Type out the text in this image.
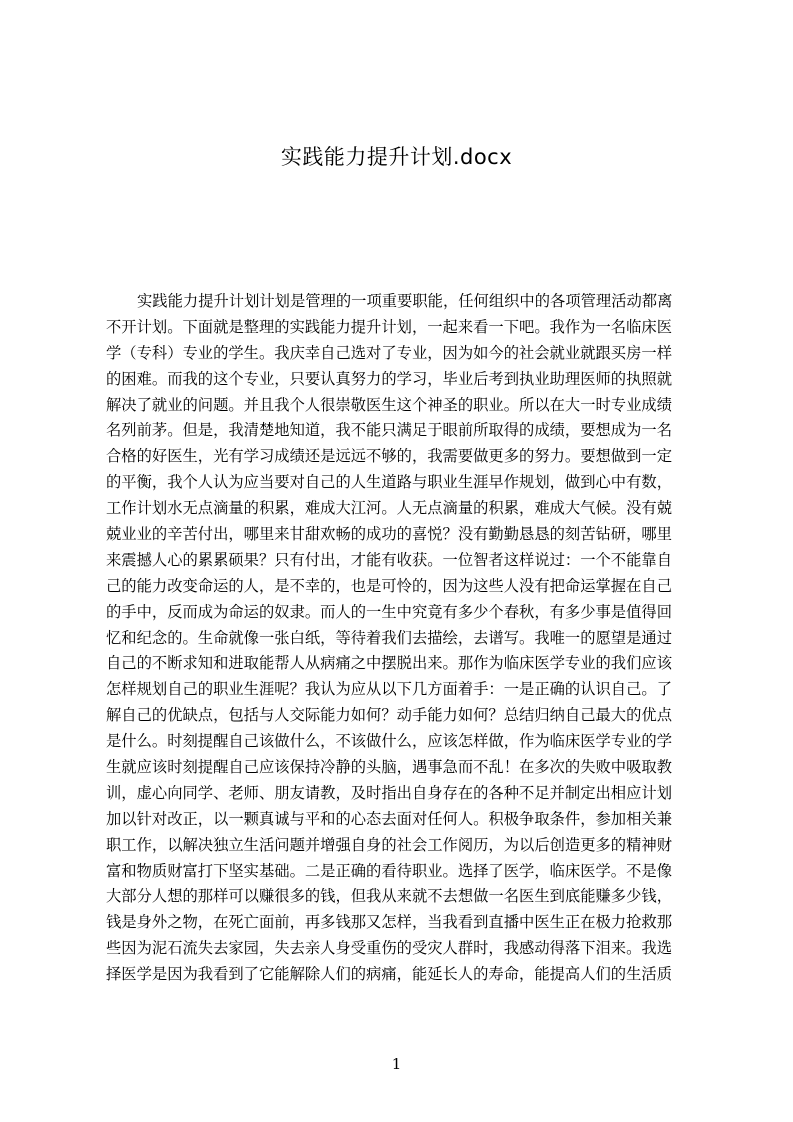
实践能力提升计划.docx
实践能力提升计划计划是管理的一项重要职能，任何组织中的各项管理活动都离
不开计划。下面就是整理的实践能力提升计划，一起来看一下吧。我作为一名临床医
学（专科）专业的学生。我庆幸自己选对了专业，因为如今的社会就业就跟买房一样
的困难。而我的这个专业，只要认真努力的学习，毕业后考到执业助理医师的执照就
解决了就业的问题。并且我个人很崇敬医生这个神圣的职业。所以在大一时专业成绩
名列前茅。但是，我清楚地知道，我不能只满足于眼前所取得的成绩，要想成为一名
合格的好医生，光有学习成绩还是远远不够的，我需要做更多的努力。要想做到一定
的平衡，我个人认为应当要对自己的人生道路与职业生涯早作规划，做到心中有数，
工作计划水无点滴量的积累，难成大江河。人无点滴量的积累，难成大气候。没有兢
兢业业的辛苦付出，哪里来甘甜欢畅的成功的喜悦？没有勤勤恳恳的刻苦钻研，哪里
来震撼人心的累累硕果？只有付出，才能有收获。一位智者这样说过：一个不能靠自
己的能力改变命运的人，是不幸的，也是可怜的，因为这些人没有把命运掌握在自己
的手中，反而成为命运的奴隶。而人的一生中究竟有多少个春秋，有多少事是值得回
忆和纪念的。生命就像一张白纸，等待着我们去描绘，去谱写。我唯一的愿望是通过
自己的不断求知和进取能帮人从病痛之中摆脱出来。那作为临床医学专业的我们应该
怎样规划自己的职业生涯呢？我认为应从以下几方面着手：一是正确的认识自己。了
解自己的优缺点，包括与人交际能力如何？动手能力如何？总结归纳自己最大的优点
是什么。时刻提醒自己该做什么，不该做什么，应该怎样做，作为临床医学专业的学
生就应该时刻提醒自己应该保持冷静的头脑，遇事急而不乱！在多次的失败中吸取教
训，虚心向同学、老师、朋友请教，及时指出自身存在的各种不足并制定出相应计划
加以针对改正，以一颗真诚与平和的心态去面对任何人。积极争取条件，参加相关兼
职工作，以解决独立生活问题并增强自身的社会工作阅历，为以后创造更多的精神财
富和物质财富打下坚实基础。二是正确的看待职业。选择了医学，临床医学。不是像
大部分人想的那样可以赚很多的钱，但我从来就不去想做一名医生到底能赚多少钱，
钱是身外之物，在死亡面前，再多钱那又怎样，当我看到直播中医生正在极力抢救那
些因为泥石流失去家园，失去亲人身受重伤的受灾人群时，我感动得落下泪来。我选
择医学是因为我看到了它能解除人们的病痛，能延长人的寿命，能提高人们的生活质
1
